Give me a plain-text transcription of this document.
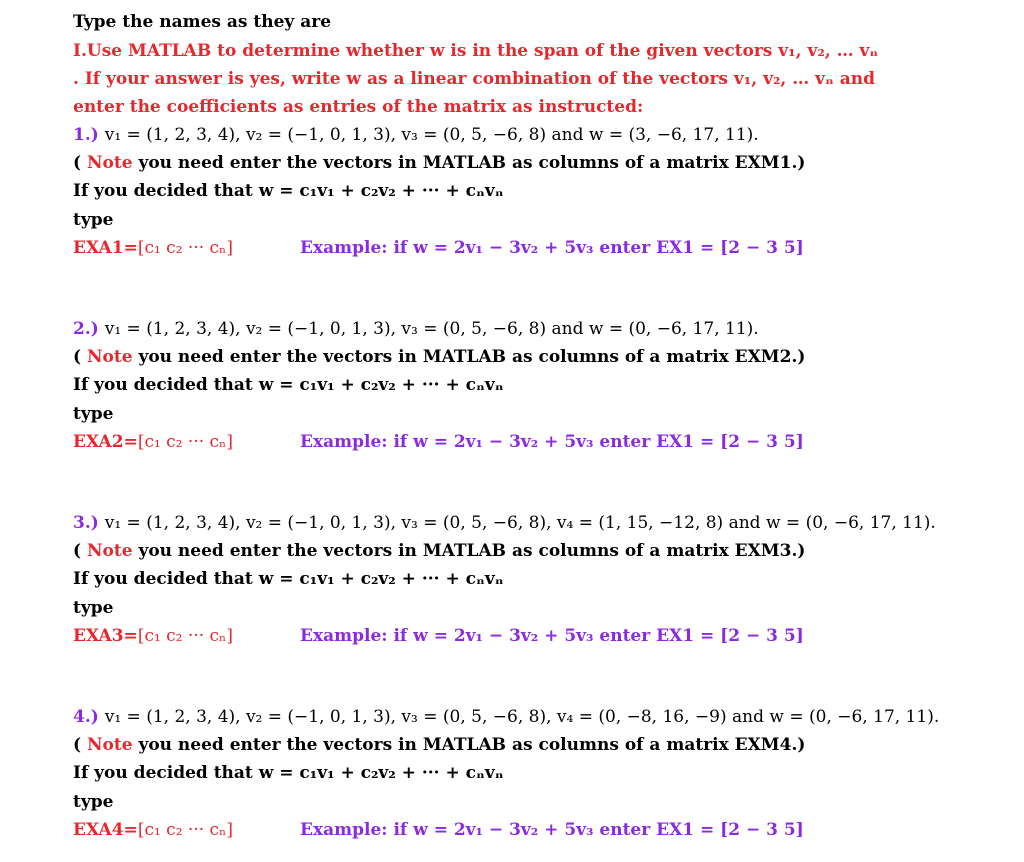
Type the names as they are
I.Use MATLAB to determine whether w is in the span of the given vectors v₁, v₂, … vₙ
. If your answer is yes, write w as a linear combination of the vectors v₁, v₂, … vₙ and
enter the coefficients as entries of the matrix as instructed:
1.) v₁ = (1, 2, 3, 4), v₂ = (−1, 0, 1, 3), v₃ = (0, 5, −6, 8) and w = (3, −6, 17, 11).
( Note you need enter the vectors in MATLAB as columns of a matrix EXM1.)
If you decided that w = c₁v₁ + c₂v₂ + ··· + cₙvₙ
type
EXA1=[c₁ c₂ ··· cₙ]	Example: if w = 2v₁ − 3v₂ + 5v₃ enter EX1 = [2 − 3 5]
2.) v₁ = (1, 2, 3, 4), v₂ = (−1, 0, 1, 3), v₃ = (0, 5, −6, 8) and w = (0, −6, 17, 11).
( Note you need enter the vectors in MATLAB as columns of a matrix EXM2.)
If you decided that w = c₁v₁ + c₂v₂ + ··· + cₙvₙ
type
EXA2=[c₁ c₂ ··· cₙ]	Example: if w = 2v₁ − 3v₂ + 5v₃ enter EX1 = [2 − 3 5]
3.) v₁ = (1, 2, 3, 4), v₂ = (−1, 0, 1, 3), v₃ = (0, 5, −6, 8), v₄ = (1, 15, −12, 8) and w = (0, −6, 17, 11).
( Note you need enter the vectors in MATLAB as columns of a matrix EXM3.)
If you decided that w = c₁v₁ + c₂v₂ + ··· + cₙvₙ
type
EXA3=[c₁ c₂ ··· cₙ]	Example: if w = 2v₁ − 3v₂ + 5v₃ enter EX1 = [2 − 3 5]
4.) v₁ = (1, 2, 3, 4), v₂ = (−1, 0, 1, 3), v₃ = (0, 5, −6, 8), v₄ = (0, −8, 16, −9) and w = (0, −6, 17, 11).
( Note you need enter the vectors in MATLAB as columns of a matrix EXM4.)
If you decided that w = c₁v₁ + c₂v₂ + ··· + cₙvₙ
type
EXA4=[c₁ c₂ ··· cₙ]	Example: if w = 2v₁ − 3v₂ + 5v₃ enter EX1 = [2 − 3 5]
